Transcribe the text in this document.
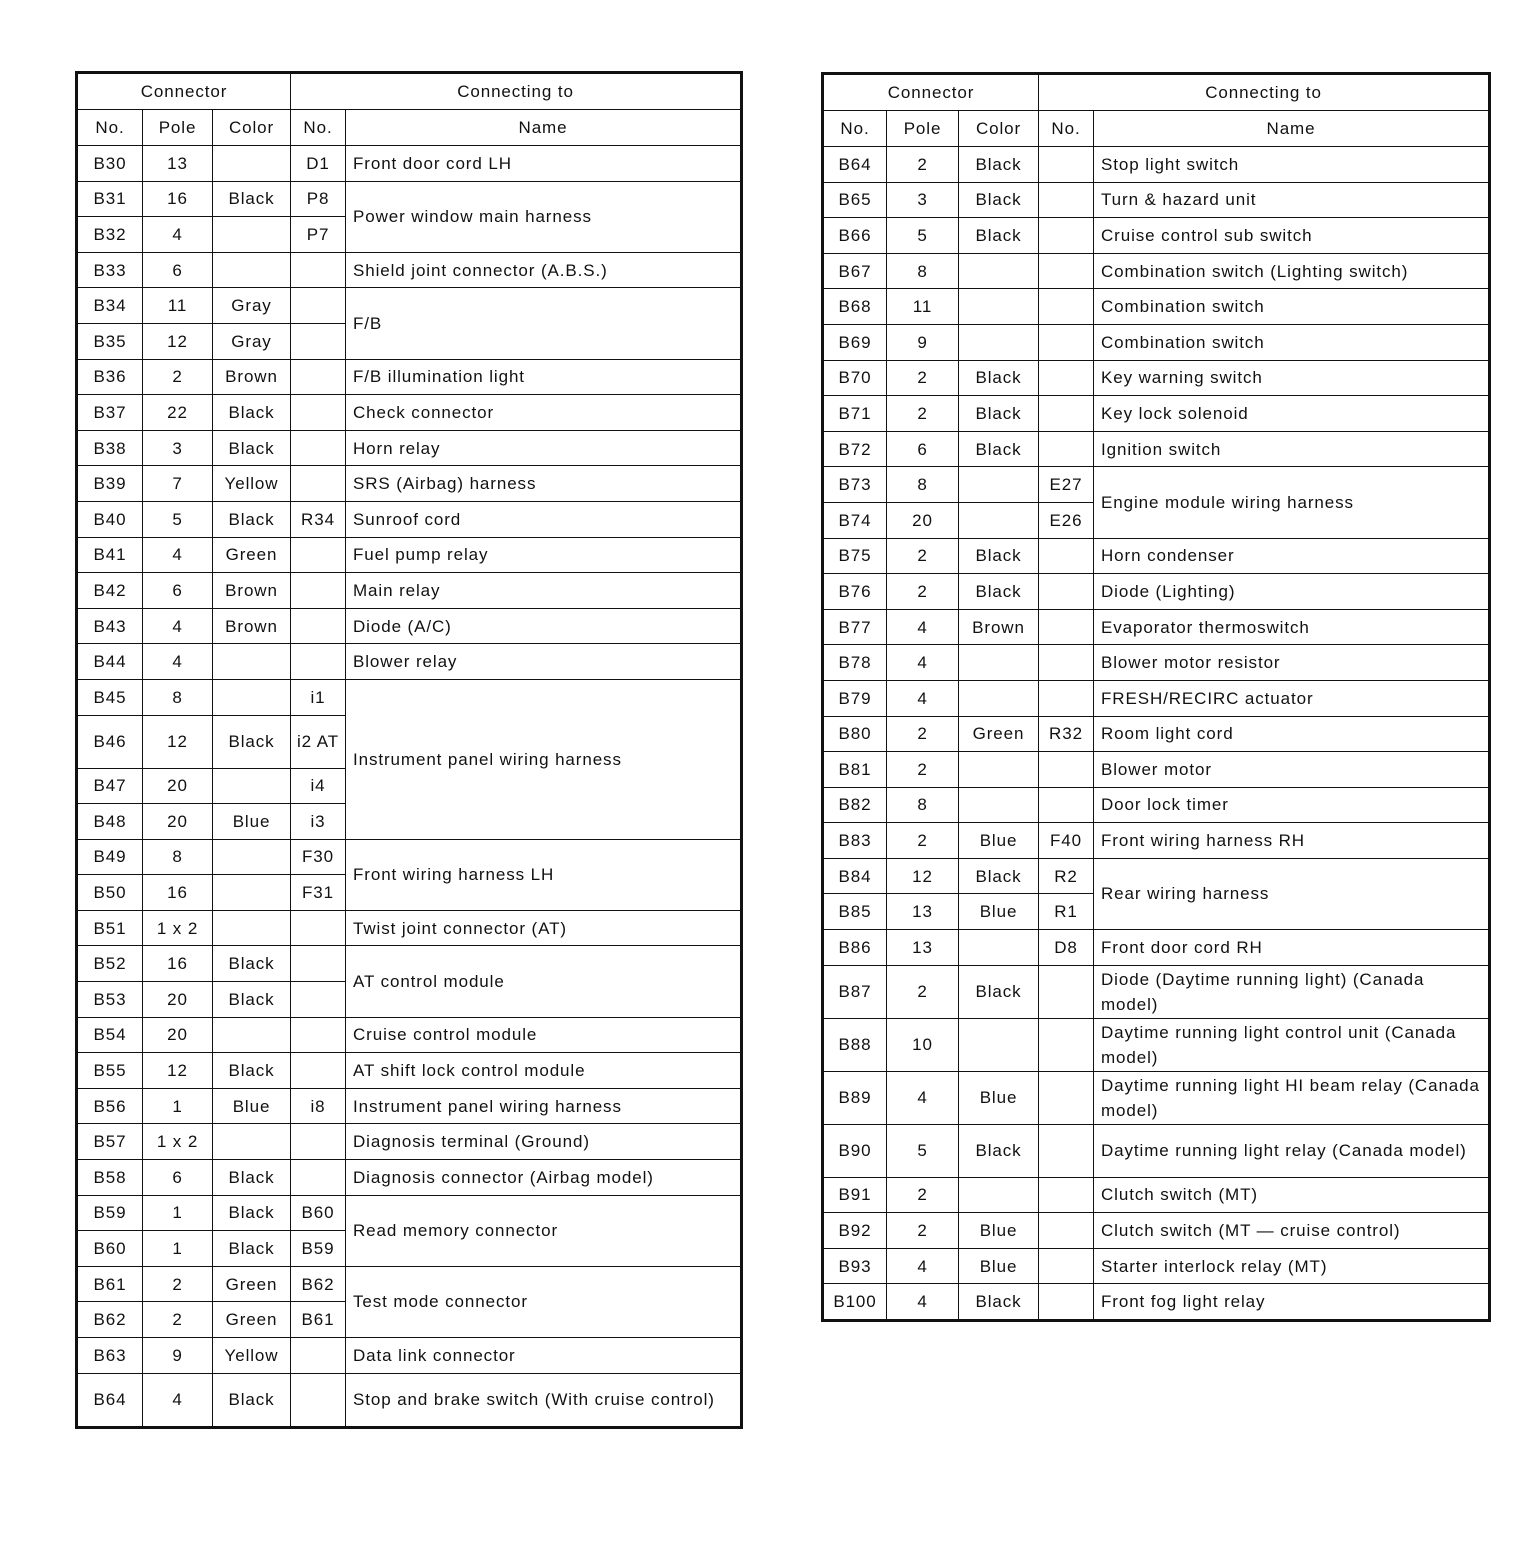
Connector			Connecting to	
No.	Pole	Color	No.	Name
B30	13		D1	Front door cord LH
B31	16	Black	P8	Power window main harness
B32	4		P7	
B33	6			Shield joint connector (A.B.S.)
B34	11	Gray		F/B
B35	12	Gray		
B36	2	Brown		F/B illumination light
B37	22	Black		Check connector
B38	3	Black		Horn relay
B39	7	Yellow		SRS (Airbag) harness
B40	5	Black	R34	Sunroof cord
B41	4	Green		Fuel pump relay
B42	6	Brown		Main relay
B43	4	Brown		Diode (A/C)
B44	4			Blower relay
B45	8		i1	Instrument panel wiring harness
B46	12	Black	i2 AT	
B47	20		i4	
B48	20	Blue	i3	
B49	8		F30	Front wiring harness LH
B50	16		F31	
B51	1 x 2			Twist joint connector (AT)
B52	16	Black		AT control module
B53	20	Black		
B54	20			Cruise control module
B55	12	Black		AT shift lock control module
B56	1	Blue	i8	Instrument panel wiring harness
B57	1 x 2			Diagnosis terminal (Ground)
B58	6	Black		Diagnosis connector (Airbag model)
B59	1	Black	B60	Read memory connector
B60	1	Black	B59	
B61	2	Green	B62	Test mode connector
B62	2	Green	B61	
B63	9	Yellow		Data link connector
B64	4	Black		Stop and brake switch (With cruise control)
Connector			Connecting to	
No.	Pole	Color	No.	Name
B64	2	Black		Stop light switch
B65	3	Black		Turn & hazard unit
B66	5	Black		Cruise control sub switch
B67	8			Combination switch (Lighting switch)
B68	11			Combination switch
B69	9			Combination switch
B70	2	Black		Key warning switch
B71	2	Black		Key lock solenoid
B72	6	Black		Ignition switch
B73	8		E27	Engine module wiring harness
B74	20		E26	
B75	2	Black		Horn condenser
B76	2	Black		Diode (Lighting)
B77	4	Brown		Evaporator thermoswitch
B78	4			Blower motor resistor
B79	4			FRESH/RECIRC actuator
B80	2	Green	R32	Room light cord
B81	2			Blower motor
B82	8			Door lock timer
B83	2	Blue	F40	Front wiring harness RH
B84	12	Black	R2	Rear wiring harness
B85	13	Blue	R1	
B86	13		D8	Front door cord RH
B87	2	Black		Diode (Daytime running light) (Canada model)
B88	10			Daytime running light control unit (Canada model)
B89	4	Blue		Daytime running light HI beam relay (Canada model)
B90	5	Black		Daytime running light relay (Canada model)
B91	2			Clutch switch (MT)
B92	2	Blue		Clutch switch (MT — cruise control)
B93	4	Blue		Starter interlock relay (MT)
B100	4	Black		Front fog light relay
